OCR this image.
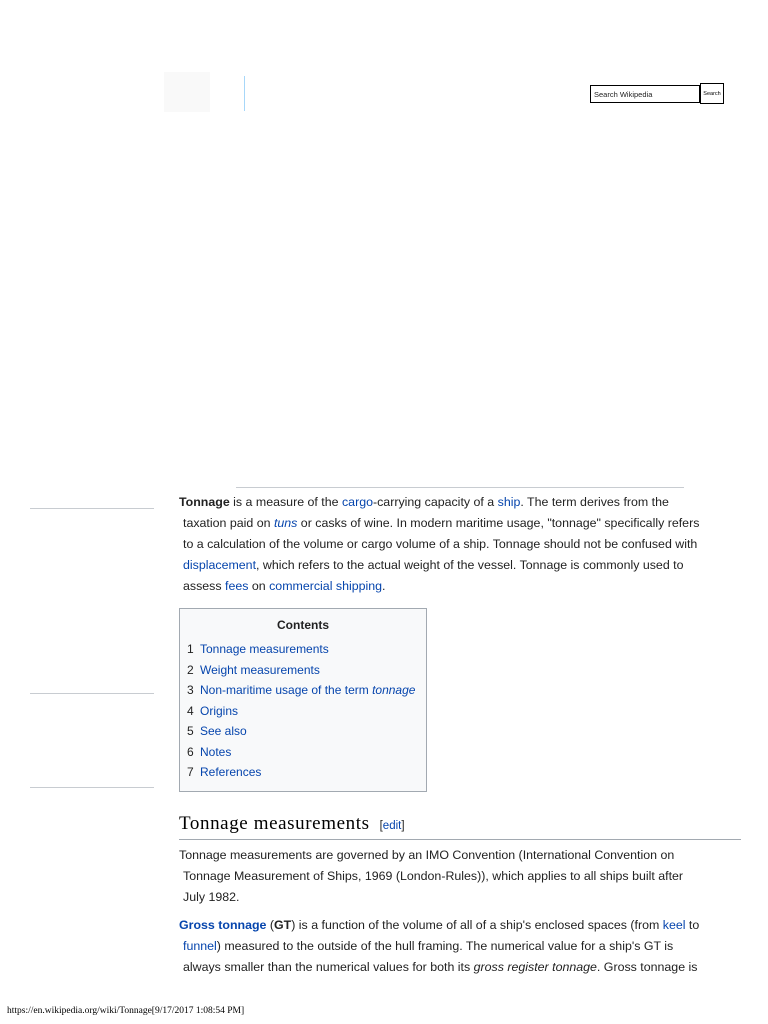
Search Wikipedia
Search

Tonnage is a measure of the cargo-carrying capacity of a ship. The term derives from the
taxation paid on tuns or casks of wine. In modern maritime usage, "tonnage" specifically refers
to a calculation of the volume or cargo volume of a ship. Tonnage should not be confused with
displacement, which refers to the actual weight of the vessel. Tonnage is commonly used to
assess fees on commercial shipping.

Contents
1 Tonnage measurements
2 Weight measurements
3 Non-maritime usage of the term tonnage
4 Origins
5 See also
6 Notes
7 References
Tonnage measurements [edit]

Tonnage measurements are governed by an IMO Convention (International Convention on
Tonnage Measurement of Ships, 1969 (London-Rules)), which applies to all ships built after
July 1982.

Gross tonnage (GT) is a function of the volume of all of a ship's enclosed spaces (from keel to
funnel) measured to the outside of the hull framing. The numerical value for a ship's GT is
always smaller than the numerical values for both its gross register tonnage. Gross tonnage is

https://en.wikipedia.org/wiki/Tonnage[9/17/2017 1:08:54 PM]
